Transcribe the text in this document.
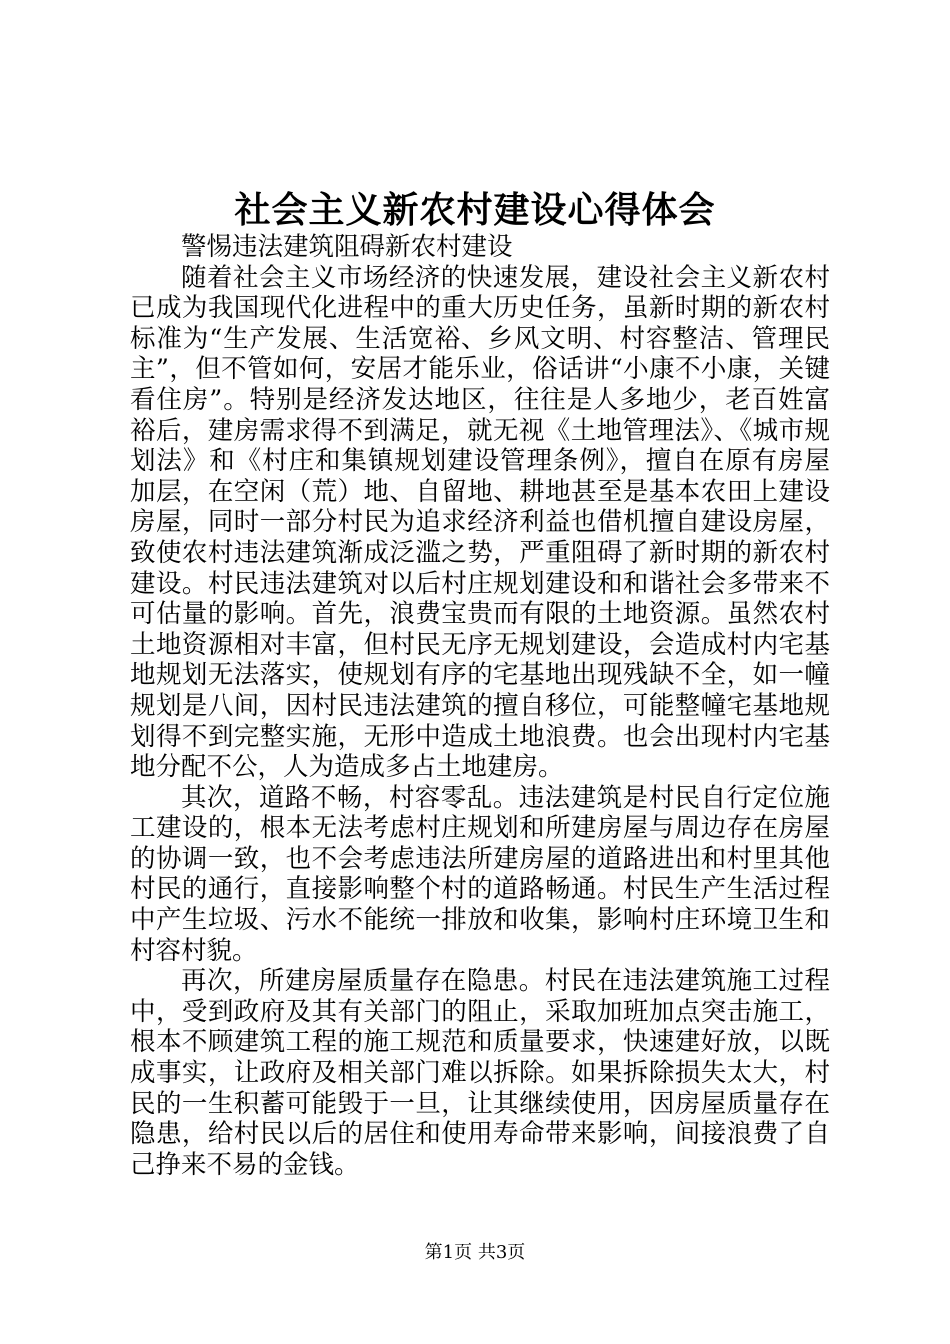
社会主义新农村建设心得体会

警惕违法建筑阻碍新农村建设

随着社会主义市场经济的快速发展，建设社会主义新农村已成为我国现代化进程中的重大历史任务，虽新时期的新农村标准为“生产发展、生活宽裕、乡风文明、村容整洁、管理民主”，但不管如何，安居才能乐业，俗话讲“小康不小康，关键看住房”。特别是经济发达地区，往往是人多地少，老百姓富裕后，建房需求得不到满足，就无视《土地管理法》、《城市规划法》和《村庄和集镇规划建设管理条例》，擅自在原有房屋加层，在空闲（荒）地、自留地、耕地甚至是基本农田上建设房屋，同时一部分村民为追求经济利益也借机擅自建设房屋，致使农村违法建筑渐成泛滥之势，严重阻碍了新时期的新农村建设。村民违法建筑对以后村庄规划建设和和谐社会多带来不可估量的影响。首先，浪费宝贵而有限的土地资源。虽然农村土地资源相对丰富，但村民无序无规划建设，会造成村内宅基地规划无法落实，使规划有序的宅基地出现残缺不全，如一幢规划是八间，因村民违法建筑的擅自移位，可能整幢宅基地规划得不到完整实施，无形中造成土地浪费。也会出现村内宅基地分配不公，人为造成多占土地建房。

其次，道路不畅，村容零乱。违法建筑是村民自行定位施工建设的，根本无法考虑村庄规划和所建房屋与周边存在房屋的协调一致，也不会考虑违法所建房屋的道路进出和村里其他村民的通行，直接影响整个村的道路畅通。村民生产生活过程中产生垃圾、污水不能统一排放和收集，影响村庄环境卫生和村容村貌。

再次，所建房屋质量存在隐患。村民在违法建筑施工过程中，受到政府及其有关部门的阻止，采取加班加点突击施工，根本不顾建筑工程的施工规范和质量要求，快速建好放，以既成事实，让政府及相关部门难以拆除。如果拆除损失太大，村民的一生积蓄可能毁于一旦，让其继续使用，因房屋质量存在隐患，给村民以后的居住和使用寿命带来影响，间接浪费了自己挣来不易的金钱。

第1页 共3页
